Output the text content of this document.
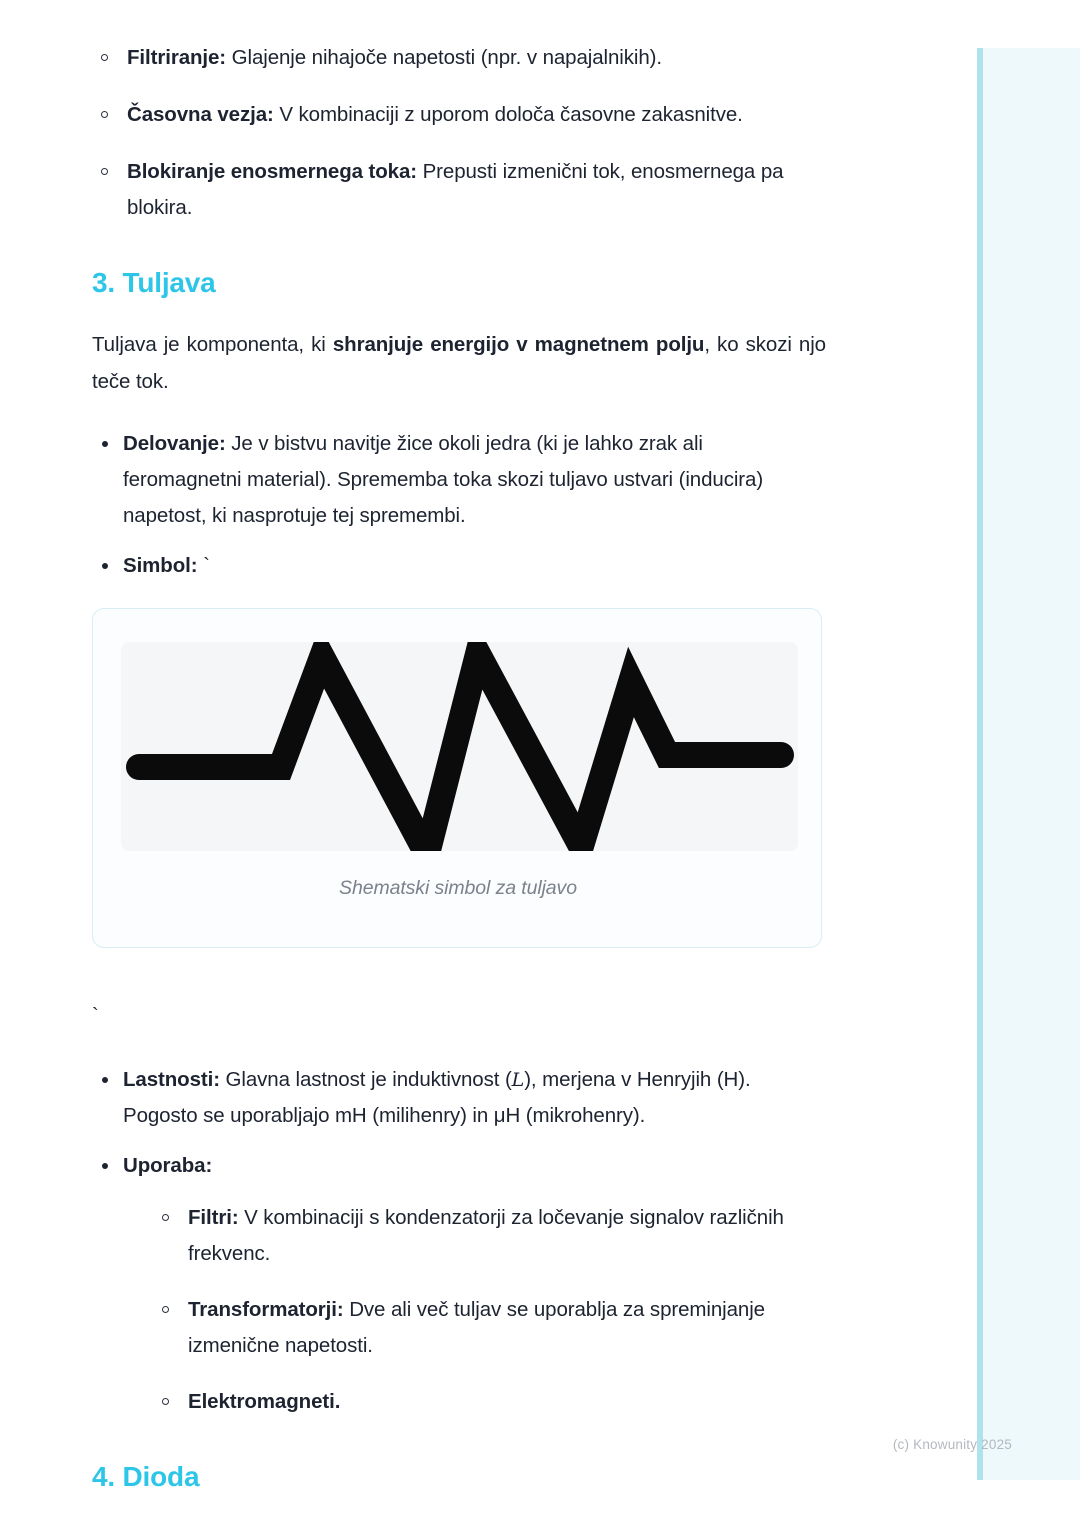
Filtriranje: Glajenje nihajoče napetosti (npr. v napajalnikih).
Časovna vezja: V kombinaciji z uporom določa časovne zakasnitve.
Blokiranje enosmernega toka: Prepusti izmenični tok, enosmernega pa blokira.
3. Tuljava

Tuljava je komponenta, ki shranjuje energijo v magnetnem polju, ko skozi njo teče tok.

Delovanje: Je v bistvu navitje žice okoli jedra (ki je lahko zrak ali feromagnetni material). Sprememba toka skozi tuljavo ustvari (inducira) napetost, ki nasprotuje tej spremembi.
Simbol: `
Shematski simbol za tuljavo
`
Lastnosti: Glavna lastnost je induktivnost (L), merjena v Henryjih (H). Pogosto se uporabljajo mH (milihenry) in μH (mikrohenry).
Uporaba:
Filtri: V kombinaciji s kondenzatorji za ločevanje signalov različnih frekvenc.
Transformatorji: Dve ali več tuljav se uporablja za spreminjanje izmenične napetosti.
Elektromagneti.
4. Dioda
(c) Knowunity 2025
